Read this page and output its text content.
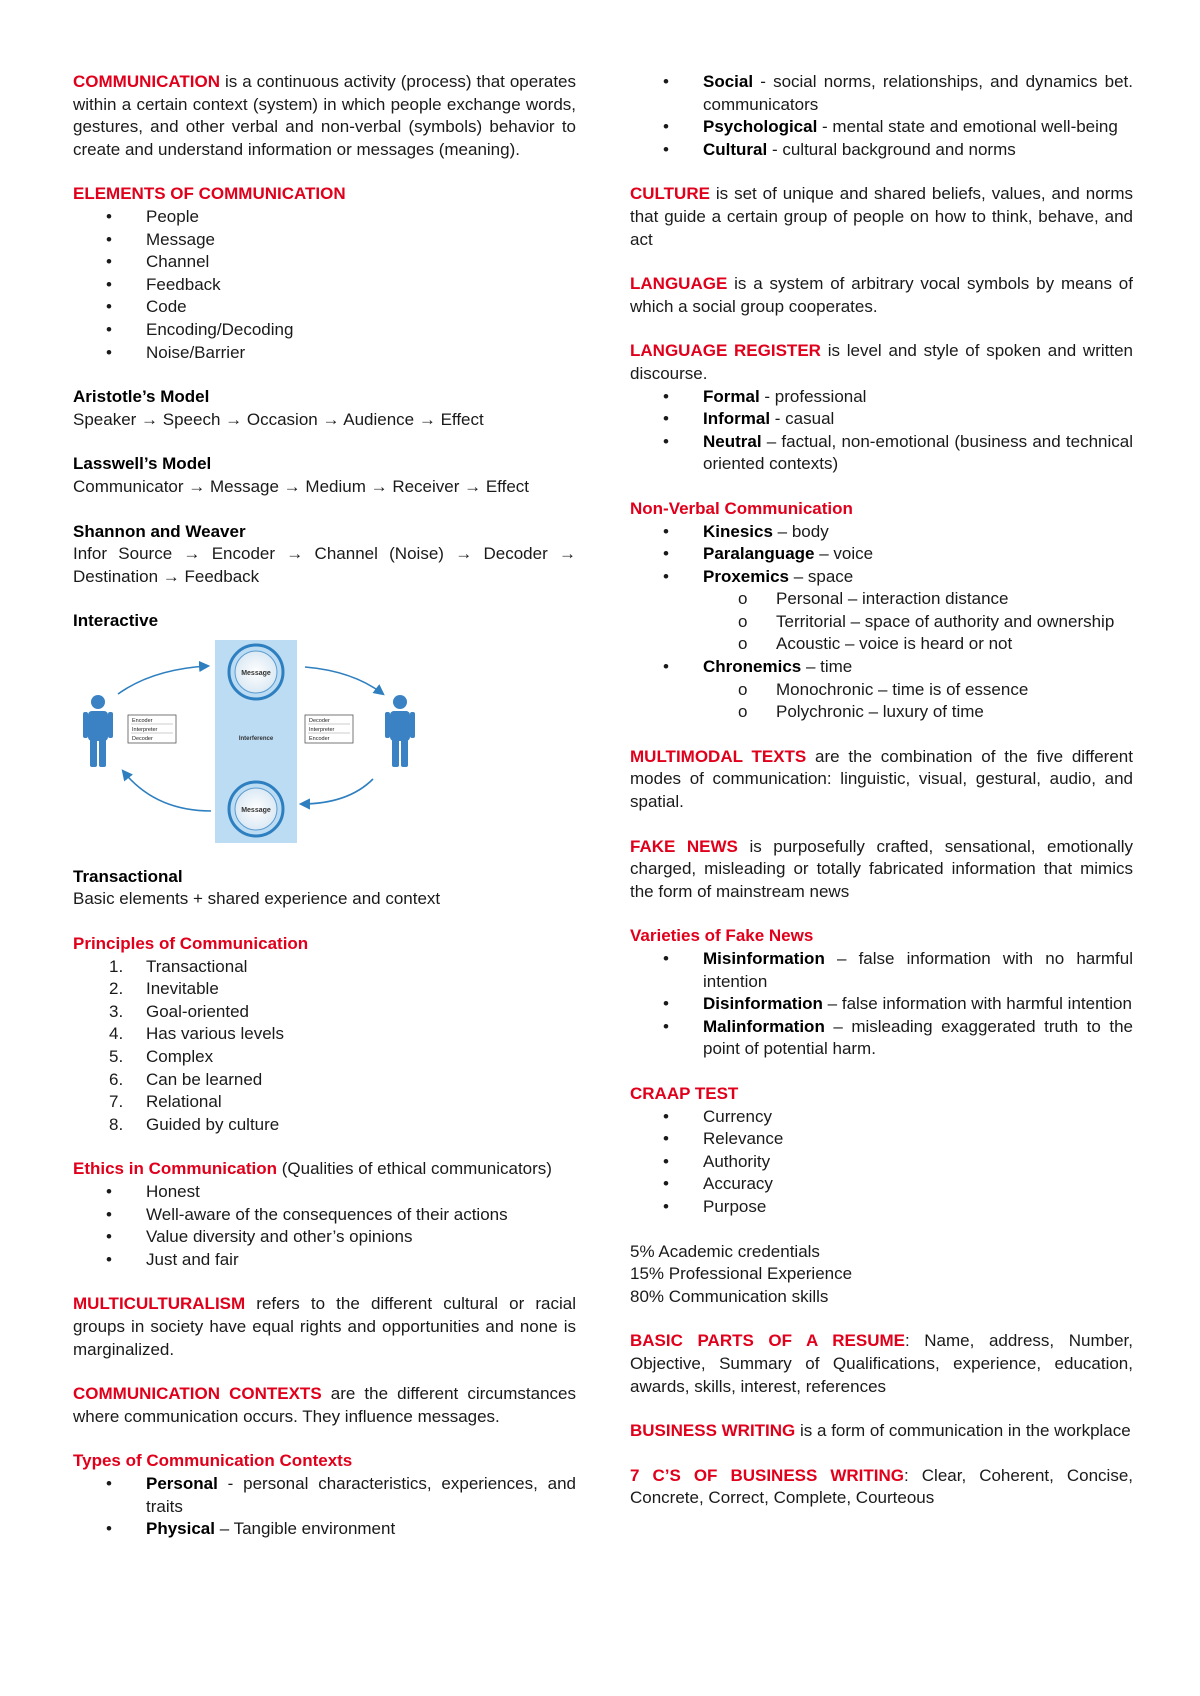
COMMUNICATION is a continuous activity (process) that operates within a certain context (system) in which people exchange words, gestures, and other verbal and non-verbal (symbols) behavior to create and understand information or messages (meaning).

ELEMENTS OF COMMUNICATION
• People
• Message
• Channel
• Feedback
• Code
• Encoding/Decoding
• Noise/Barrier
Aristotle’s Model
Speaker → Speech → Occasion → Audience → Effect
Lasswell’s Model
Communicator → Message → Medium → Receiver → Effect
Shannon and Weaver
Infor Source → Encoder → Channel (Noise) → Decoder → Destination → Feedback
Interactive
Message
Message
Interference
Encoder
Interpreter
Decoder
Decoder
Interpreter
Encoder
Transactional
Basic elements + shared experience and context
Principles of Communication
1. Transactional
2. Inevitable
3. Goal-oriented
4. Has various levels
5. Complex
6. Can be learned
7. Relational
8. Guided by culture
Ethics in Communication (Qualities of ethical communicators)
• Honest
• Well-aware of the consequences of their actions
• Value diversity and other’s opinions
• Just and fair

MULTICULTURALISM refers to the different cultural or racial groups in society have equal rights and opportunities and none is marginalized.

COMMUNICATION CONTEXTS are the different circumstances where communication occurs. They influence messages.

Types of Communication Contexts
• Personal - personal characteristics, experiences, and traits
• Physical – Tangible environment
• Social - social norms, relationships, and dynamics bet. communicators
• Psychological - mental state and emotional well-being
• Cultural - cultural background and norms

CULTURE is set of unique and shared beliefs, values, and norms that guide a certain group of people on how to think, behave, and act

LANGUAGE is a system of arbitrary vocal symbols by means of which a social group cooperates.

LANGUAGE REGISTER is level and style of spoken and written discourse.
• Formal - professional
• Informal - casual
• Neutral – factual, non-emotional (business and technical oriented contexts)
Non-Verbal Communication
• Kinesics – body
• Paralanguage – voice
• Proxemics – space
o Personal – interaction distance
o Territorial – space of authority and ownership
o Acoustic – voice is heard or not
• Chronemics – time
o Monochronic – time is of essence
o Polychronic – luxury of time

MULTIMODAL TEXTS are the combination of the five different modes of communication: linguistic, visual, gestural, audio, and spatial.

FAKE NEWS is purposefully crafted, sensational, emotionally charged, misleading or totally fabricated information that mimics the form of mainstream news

Varieties of Fake News
• Misinformation – false information with no harmful intention
• Disinformation – false information with harmful intention
• Malinformation – misleading exaggerated truth to the point of potential harm.
CRAAP TEST
• Currency
• Relevance
• Authority
• Accuracy
• Purpose
5% Academic credentials
15% Professional Experience
80% Communication skills

BASIC PARTS OF A RESUME: Name, address, Number, Objective, Summary of Qualifications, experience, education, awards, skills, interest, references

BUSINESS WRITING is a form of communication in the workplace

7 C’S OF BUSINESS WRITING: Clear, Coherent, Concise, Concrete, Correct, Complete, Courteous
